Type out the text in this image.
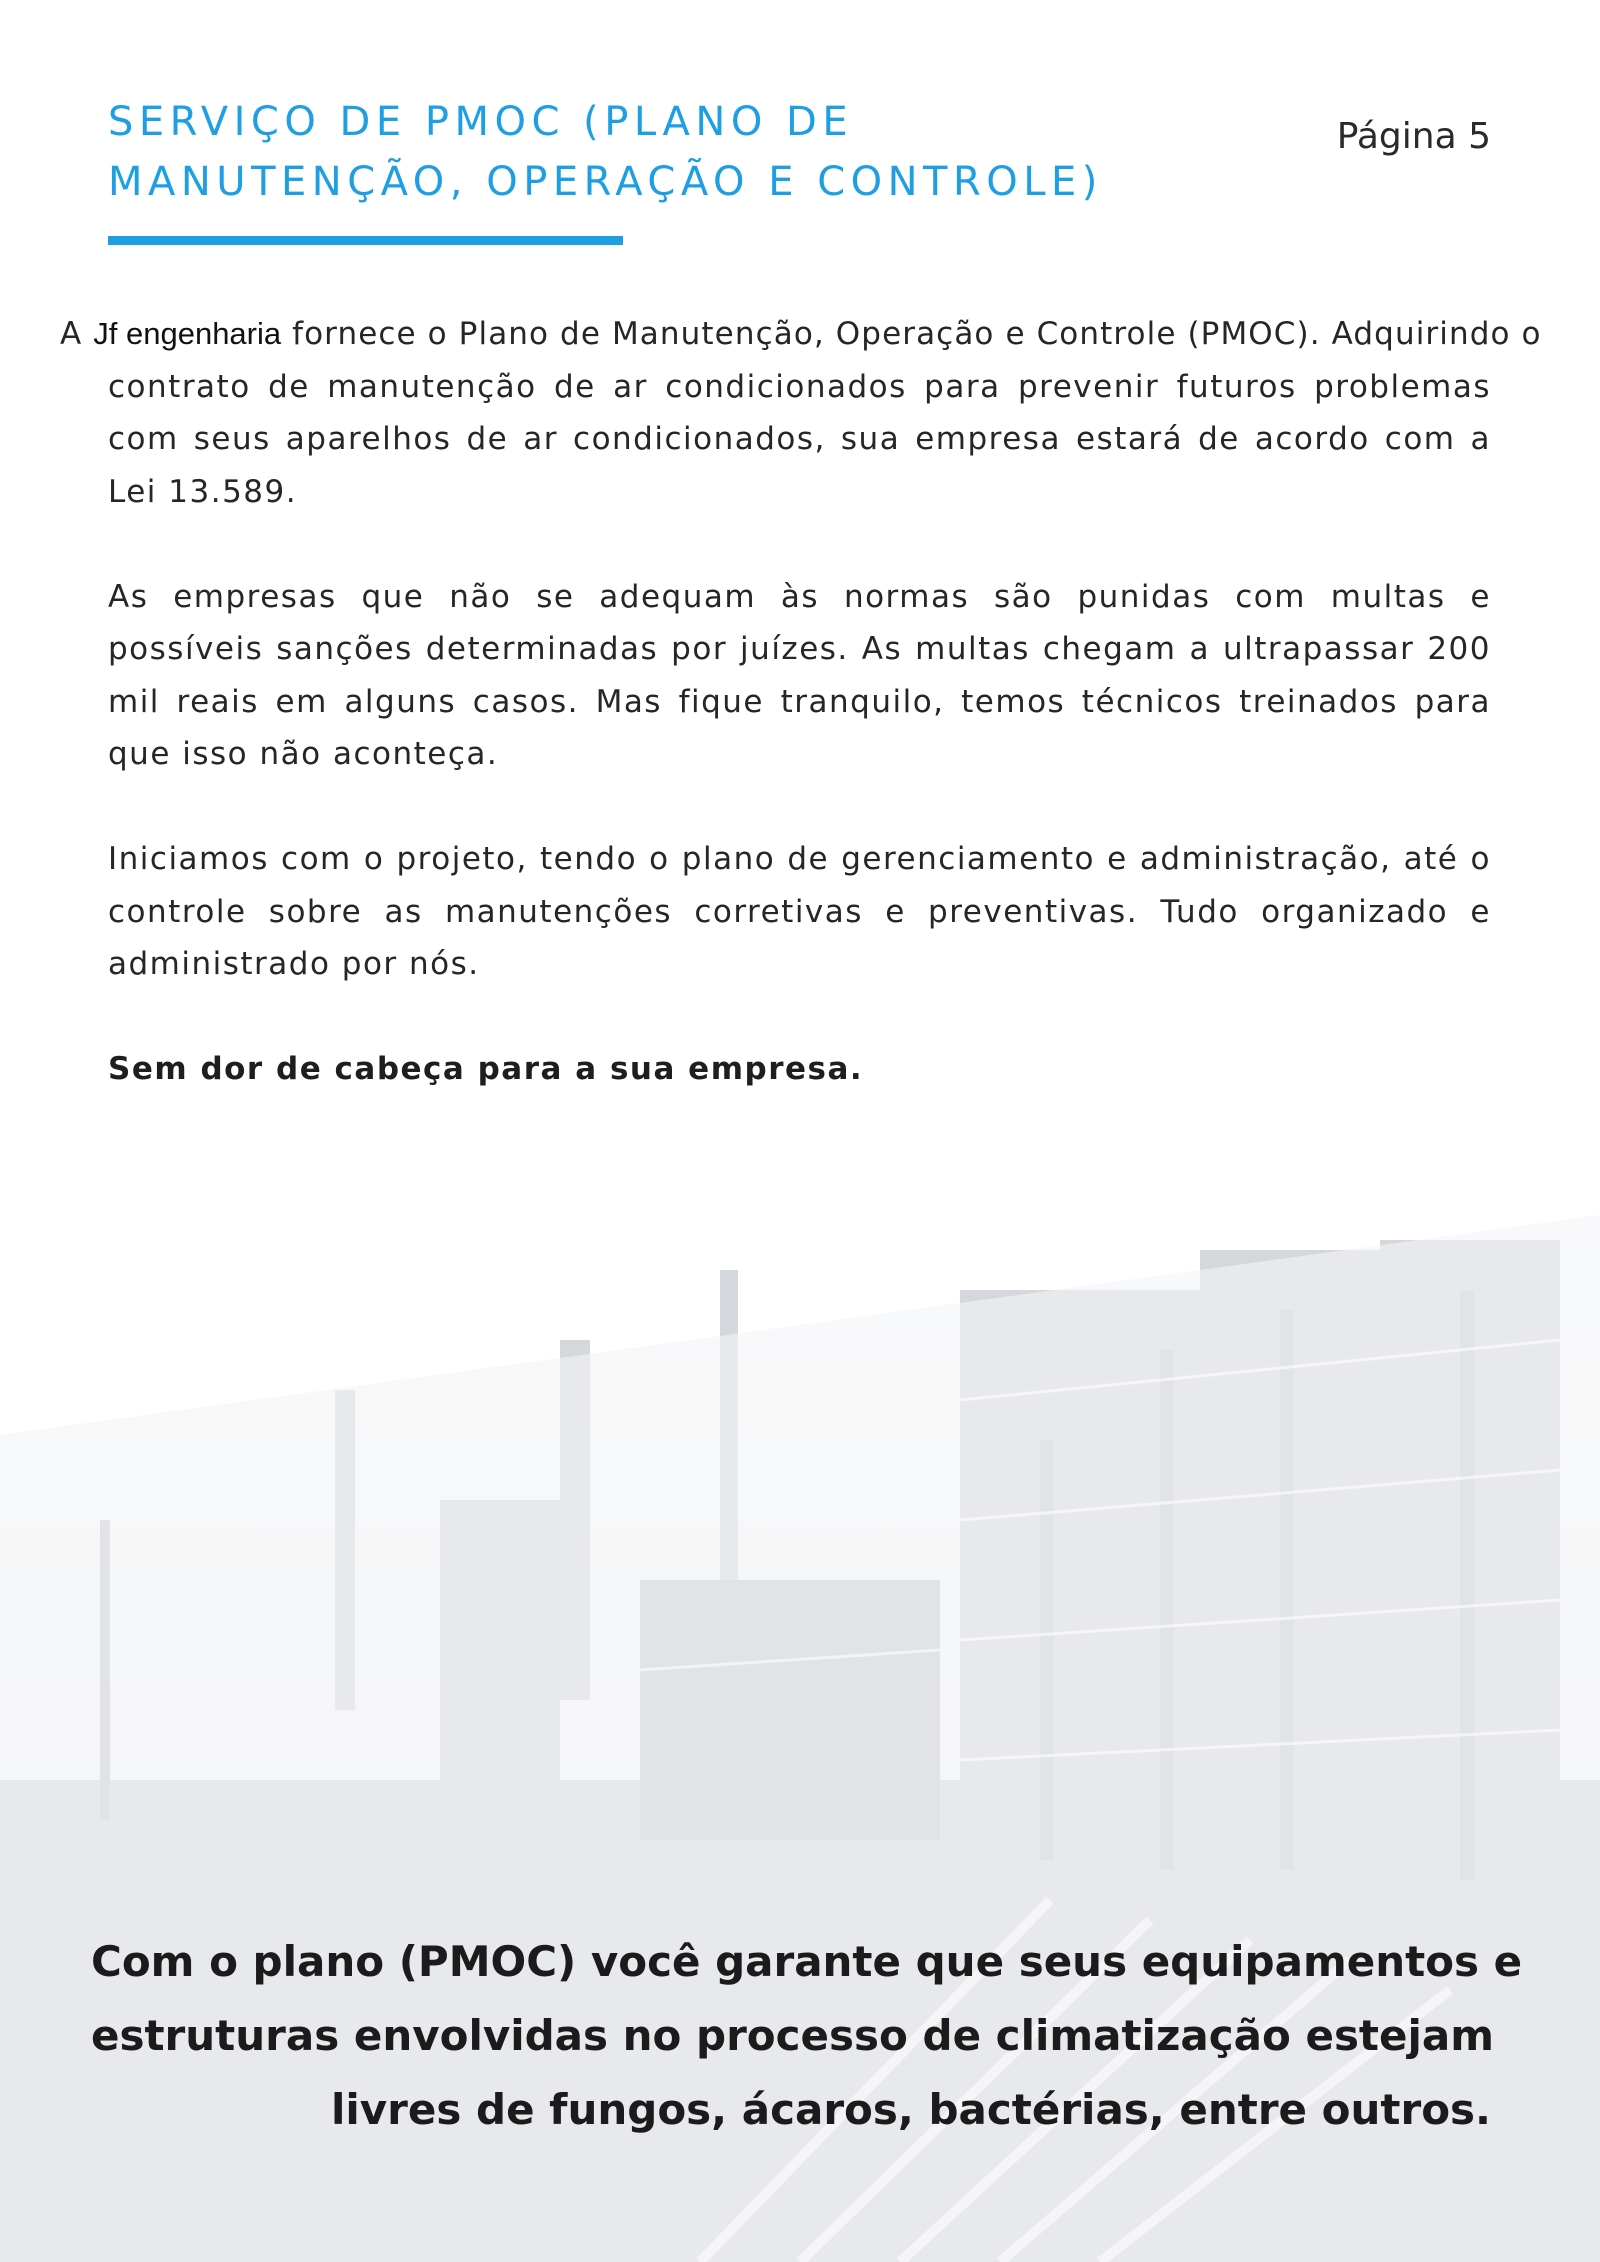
SERVIÇO DE PMOC (PLANO DE
MANUTENÇÃO, OPERAÇÃO E CONTROLE)
Página 5

A Jf engenharia fornece o Plano de Manutenção, Operação e Controle (PMOC). Adquirindo o
contrato de manutenção de ar condicionados para prevenir futuros problemas com seus aparelhos de ar condicionados, sua empresa estará de acordo com a Lei 13.589.

As empresas que não se adequam às normas são punidas com multas e possíveis sanções determinadas por juízes. As multas chegam a ultrapassar 200 mil reais em alguns casos. Mas fique tranquilo, temos técnicos treinados para que isso não aconteça.

Iniciamos com o projeto, tendo o plano de gerenciamento e administração, até o controle sobre as manutenções corretivas e preventivas. Tudo organizado e administrado por nós.

Sem dor de cabeça para a sua empresa.

Com o plano (PMOC) você garante que seus equipamentos e
estruturas envolvidas no processo de climatização estejam
livres de fungos, ácaros, bactérias, entre outros.
